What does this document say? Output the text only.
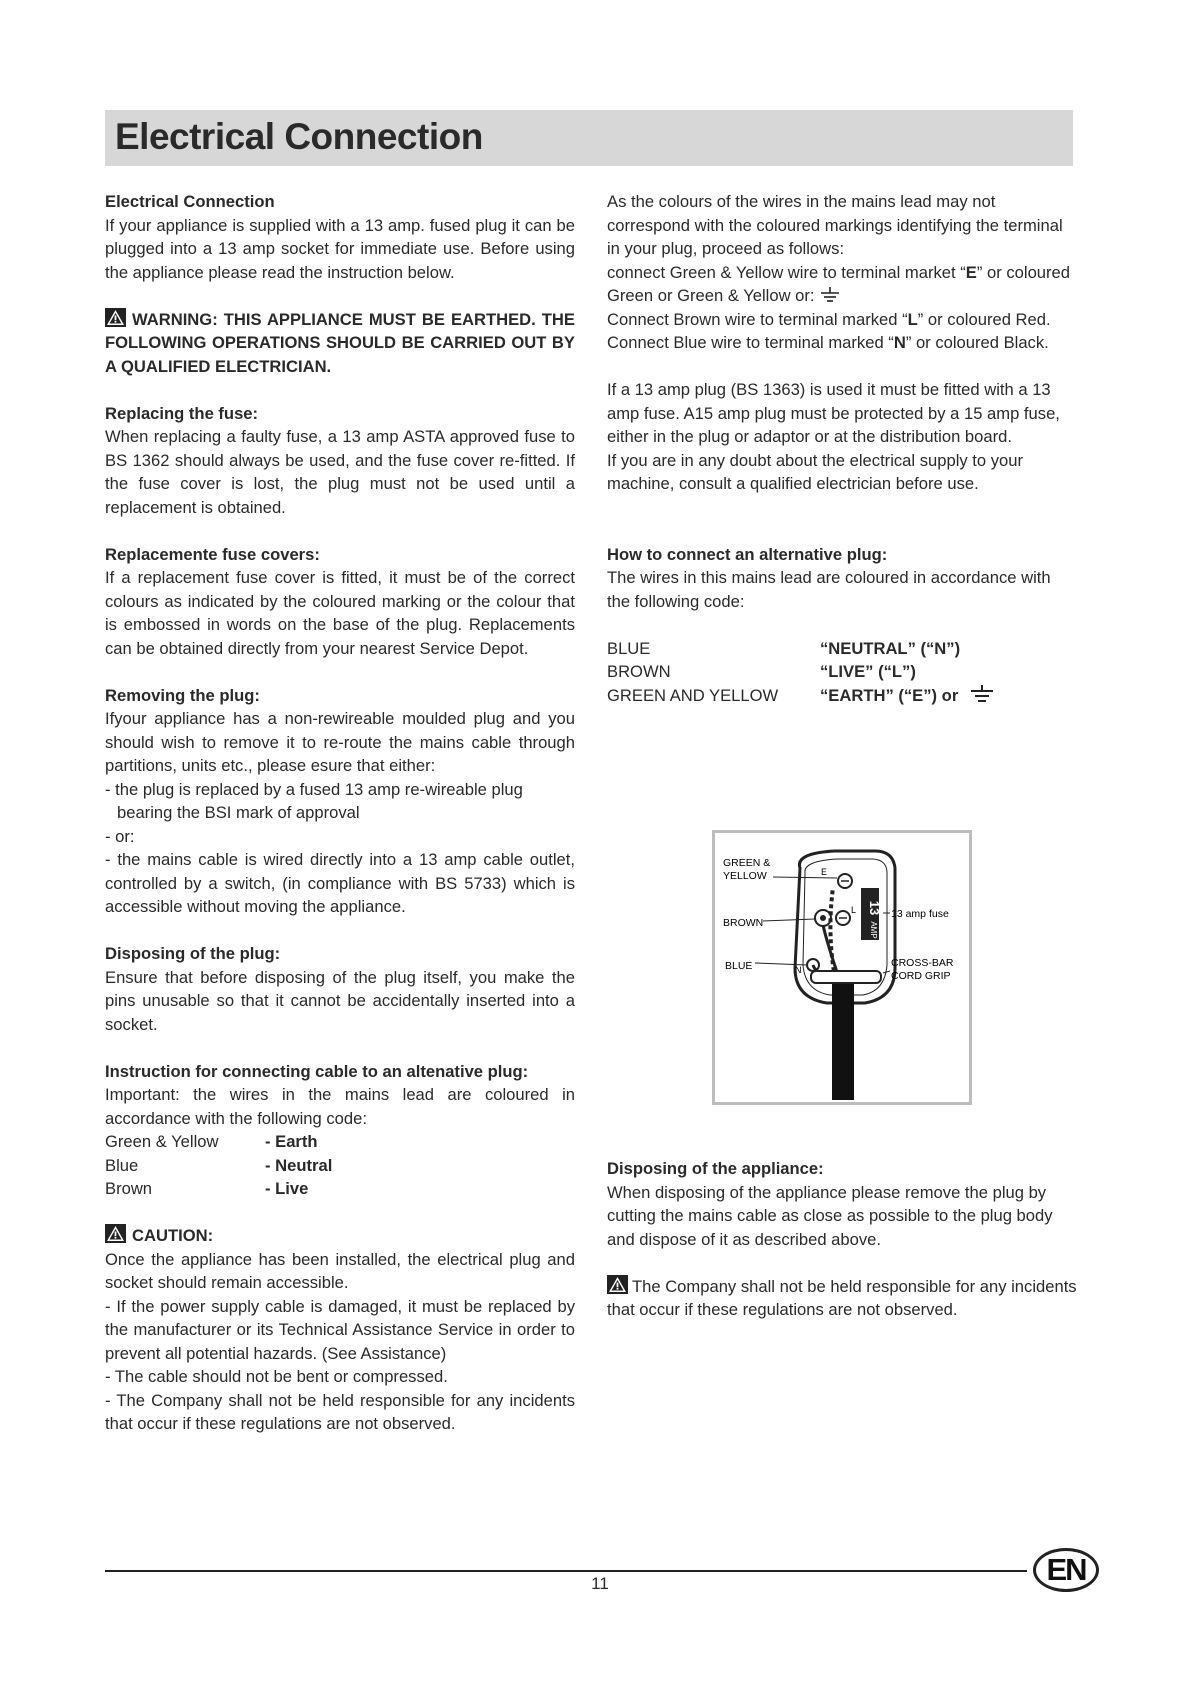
Electrical Connection

Electrical Connection

If your appliance is supplied with a 13 amp. fused plug it can be plugged into a 13 amp socket for immediate use. Before using the appliance please read the instruction below.

WARNING: THIS APPLIANCE MUST BE EARTHED. THE FOLLOWING OPERATIONS SHOULD BE CARRIED OUT BY A QUALIFIED ELECTRICIAN.

Replacing the fuse:

When replacing a faulty fuse, a 13 amp ASTA approved fuse to BS 1362 should always be used, and the fuse cover re-fitted. If the fuse cover is lost, the plug must not be used until a replacement is obtained.

Replacemente fuse covers:

If a replacement fuse cover is fitted, it must be of the correct colours as indicated by the coloured marking or the colour that is embossed in words on the base of the plug. Replacements can be obtained directly from your nearest Service Depot.

Removing the plug:

Ifyour appliance has a non-rewireable moulded plug and you should wish to remove it to re-route the mains cable through partitions, units etc., please esure that either:

- the plug is replaced by a fused 13 amp re-wireable plug

bearing the BSI mark of approval

- or:

- the mains cable is wired directly into a 13 amp cable outlet, controlled by a switch, (in compliance with BS 5733) which is accessible without moving the appliance.

Disposing of the plug:

Ensure that before disposing of the plug itself, you make the pins unusable so that it cannot be accidentally inserted into a socket.

Instruction for connecting cable to an altenative plug:

Important: the wires in the mains lead are coloured in accordance with the following code:

Green & Yellow	- Earth
Blue	- Neutral
Brown	- Live

CAUTION:

Once the appliance has been installed, the electrical plug and socket should remain accessible.

- If the power supply cable is damaged, it must be replaced by the manufacturer or its Technical Assistance Service in order to prevent all potential hazards. (See Assistance)

- The cable should not be bent or compressed.

- The Company shall not be held responsible for any incidents that occur if these regulations are not observed.

As the colours of the wires in the mains lead may not correspond with the coloured markings identifying the terminal in your plug, proceed as follows:

connect Green & Yellow wire to terminal market “E” or coloured Green or Green & Yellow or:

Connect Brown wire to terminal marked “L” or coloured Red.

Connect Blue wire to terminal marked “N” or coloured Black.

If a 13 amp plug (BS 1363) is used it must be fitted with a 13 amp fuse. A15 amp plug must be protected by a 15 amp fuse, either in the plug or adaptor or at the distribution board.

If you are in any doubt about the electrical supply to your machine, consult a qualified electrician before use.

How to connect an alternative plug:

The wires in this mains lead are coloured in accordance with the following code:

BLUE	“NEUTRAL” (“N”)
BROWN	“LIVE” (“L”)
GREEN AND YELLOW	“EARTH” (“E”) or
13
AMP
E
L
N
GREEN &
YELLOW
BROWN
BLUE
13 amp fuse
CROSS-BAR
CORD GRIP

Disposing of the appliance:

When disposing of the appliance please remove the plug by cutting the mains cable as close as possible to the plug body and dispose of it as described above.

The Company shall not be held responsible for any incidents that occur if these regulations are not observed.

11	EN
